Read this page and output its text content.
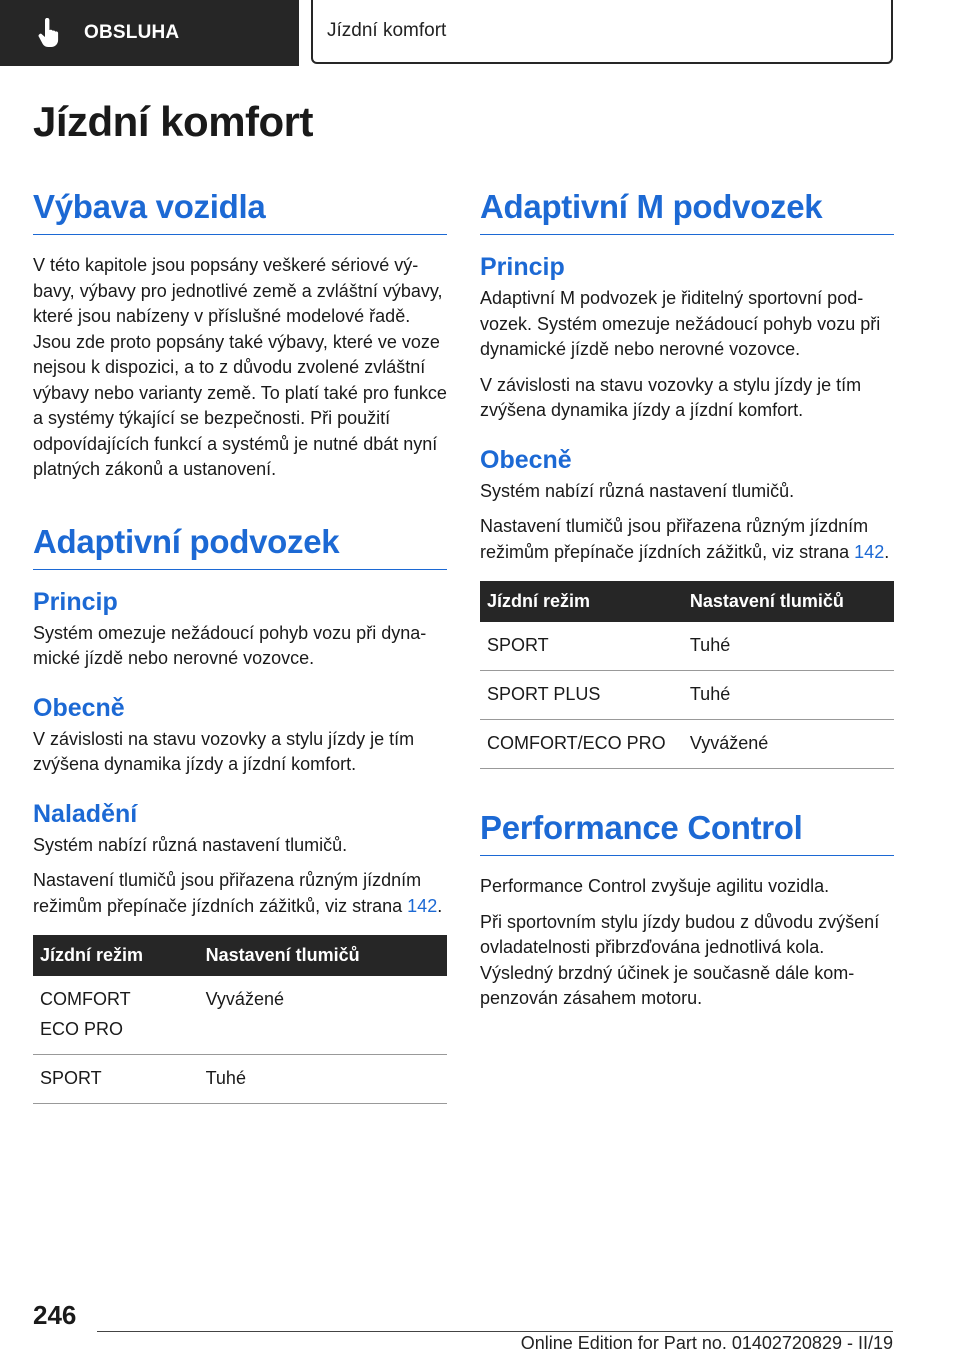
OBSLUHA	Jízdní komfort
Jízdní komfort
Výbava vozidla

V této kapitole jsou popsány veškeré sériové výbavy, výbavy pro jednotlivé země a zvláštní výbavy, které jsou nabízeny v příslušné modelové řadě. Jsou zde proto popsány také výbavy, které ve voze nejsou k dispozici, a to z důvodu zvolené zvláštní výbavy nebo varianty země. To platí také pro funkce a systémy týkající se bezpečnosti. Při použití odpovídajících funkcí a systémů je nutné dbát nyní platných zákonů a ustanovení.

Adaptivní podvozek
Princip

Systém omezuje nežádoucí pohyb vozu při dynamické jízdě nebo nerovné vozovce.

Obecně

V závislosti na stavu vozovky a stylu jízdy je tím zvýšena dynamika jízdy a jízdní komfort.

Naladění

Systém nabízí různá nastavení tlumičů.

Nastavení tlumičů jsou přiřazena různým jízdním režimům přepínače jízdních zážitků, viz strana 142.

Jízdní režim	Nastavení tlumičů
COMFORT
ECO PRO	Vyvážené
SPORT	Tuhé
Adaptivní M podvozek
Princip

Adaptivní M podvozek je řiditelný sportovní podvozek. Systém omezuje nežádoucí pohyb vozu při dynamické jízdě nebo nerovné vozovce.

V závislosti na stavu vozovky a stylu jízdy je tím zvýšena dynamika jízdy a jízdní komfort.

Obecně

Systém nabízí různá nastavení tlumičů.

Nastavení tlumičů jsou přiřazena různým jízdním režimům přepínače jízdních zážitků, viz strana 142.

Jízdní režim	Nastavení tlumičů
SPORT	Tuhé
SPORT PLUS	Tuhé
COMFORT/ECO PRO	Vyvážené
Performance Control

Performance Control zvyšuje agilitu vozidla.

Při sportovním stylu jízdy budou z důvodu zvýšení ovladatelnosti přibrzďována jednotlivá kola. Výsledný brzdný účinek je současně dále kompenzován zásahem motoru.

246
Online Edition for Part no. 01402720829 - II/19
